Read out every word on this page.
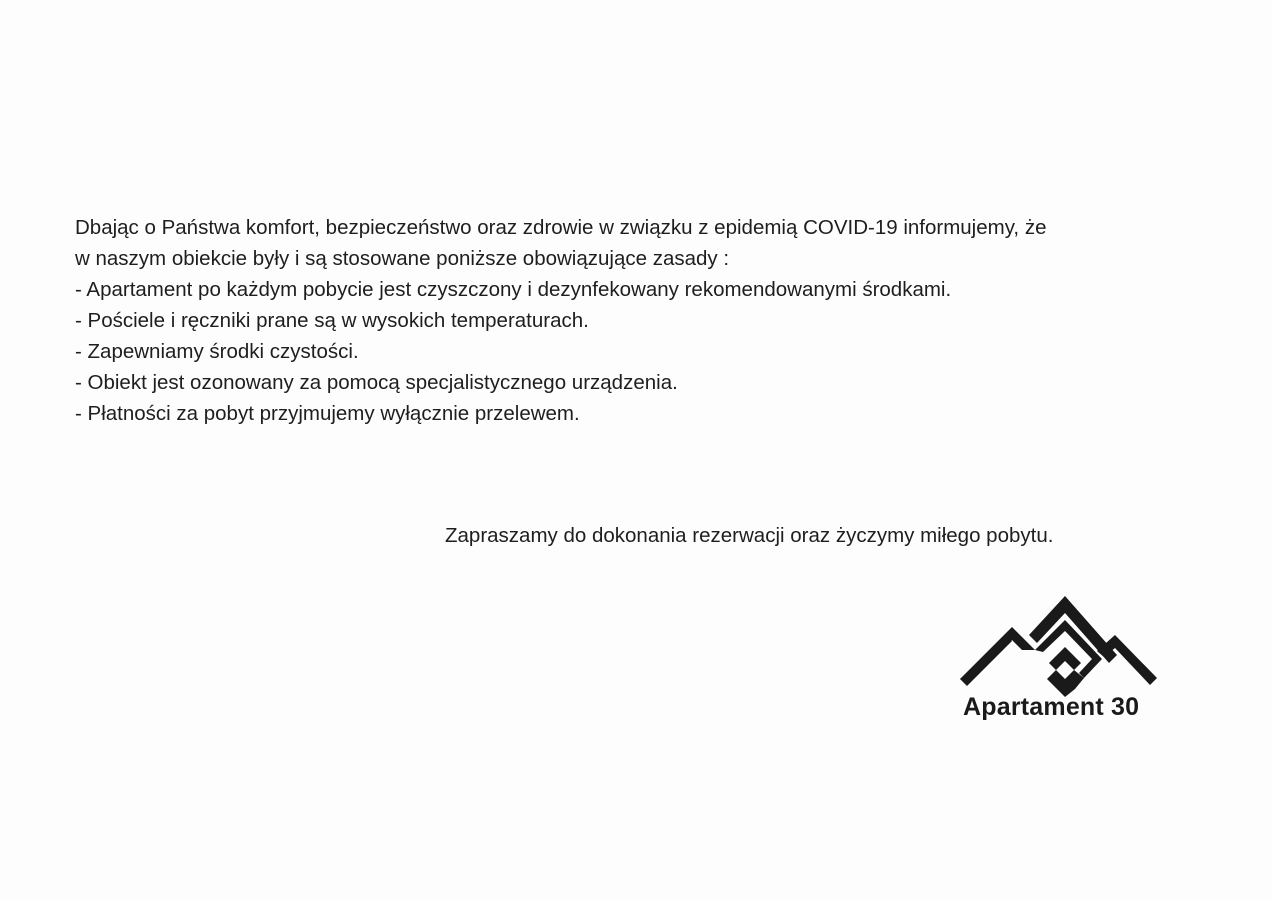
Dbając o Państwa komfort, bezpieczeństwo oraz zdrowie w związku z epidemią COVID-19 informujemy, że

w naszym obiekcie były i są stosowane poniższe obowiązujące zasady :

- Apartament po każdym pobycie jest czyszczony i dezynfekowany rekomendowanymi środkami.

- Pościele i ręczniki prane są w wysokich temperaturach.

- Zapewniamy środki czystości.

- Obiekt jest ozonowany za pomocą specjalistycznego urządzenia.

- Płatności za pobyt przyjmujemy wyłącznie przelewem.

Zapraszamy do dokonania rezerwacji oraz życzymy miłego pobytu.
Apartament 30
